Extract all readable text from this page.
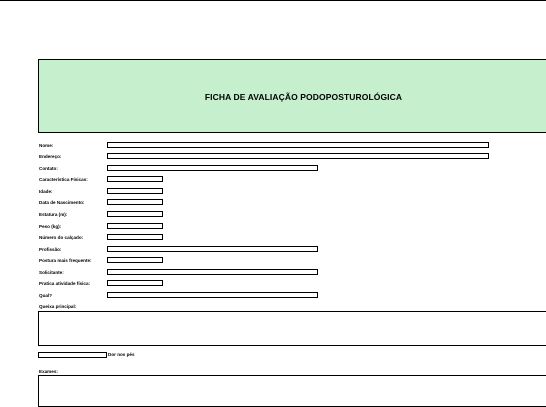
FICHA DE AVALIAÇÃO PODOPOSTUROLÓGICA
Nome:
Endereço:
Contato:
Característica Físicas:
Idade:
Data de Nascimento:
Estatura (m):
Peso (kg):
Número do calçado:
Profissão:
Postura mais frequente:
Solicitante:
Pratica atividade física:
Qual?
Queixa principal:
Dor nos pés
Exames:
